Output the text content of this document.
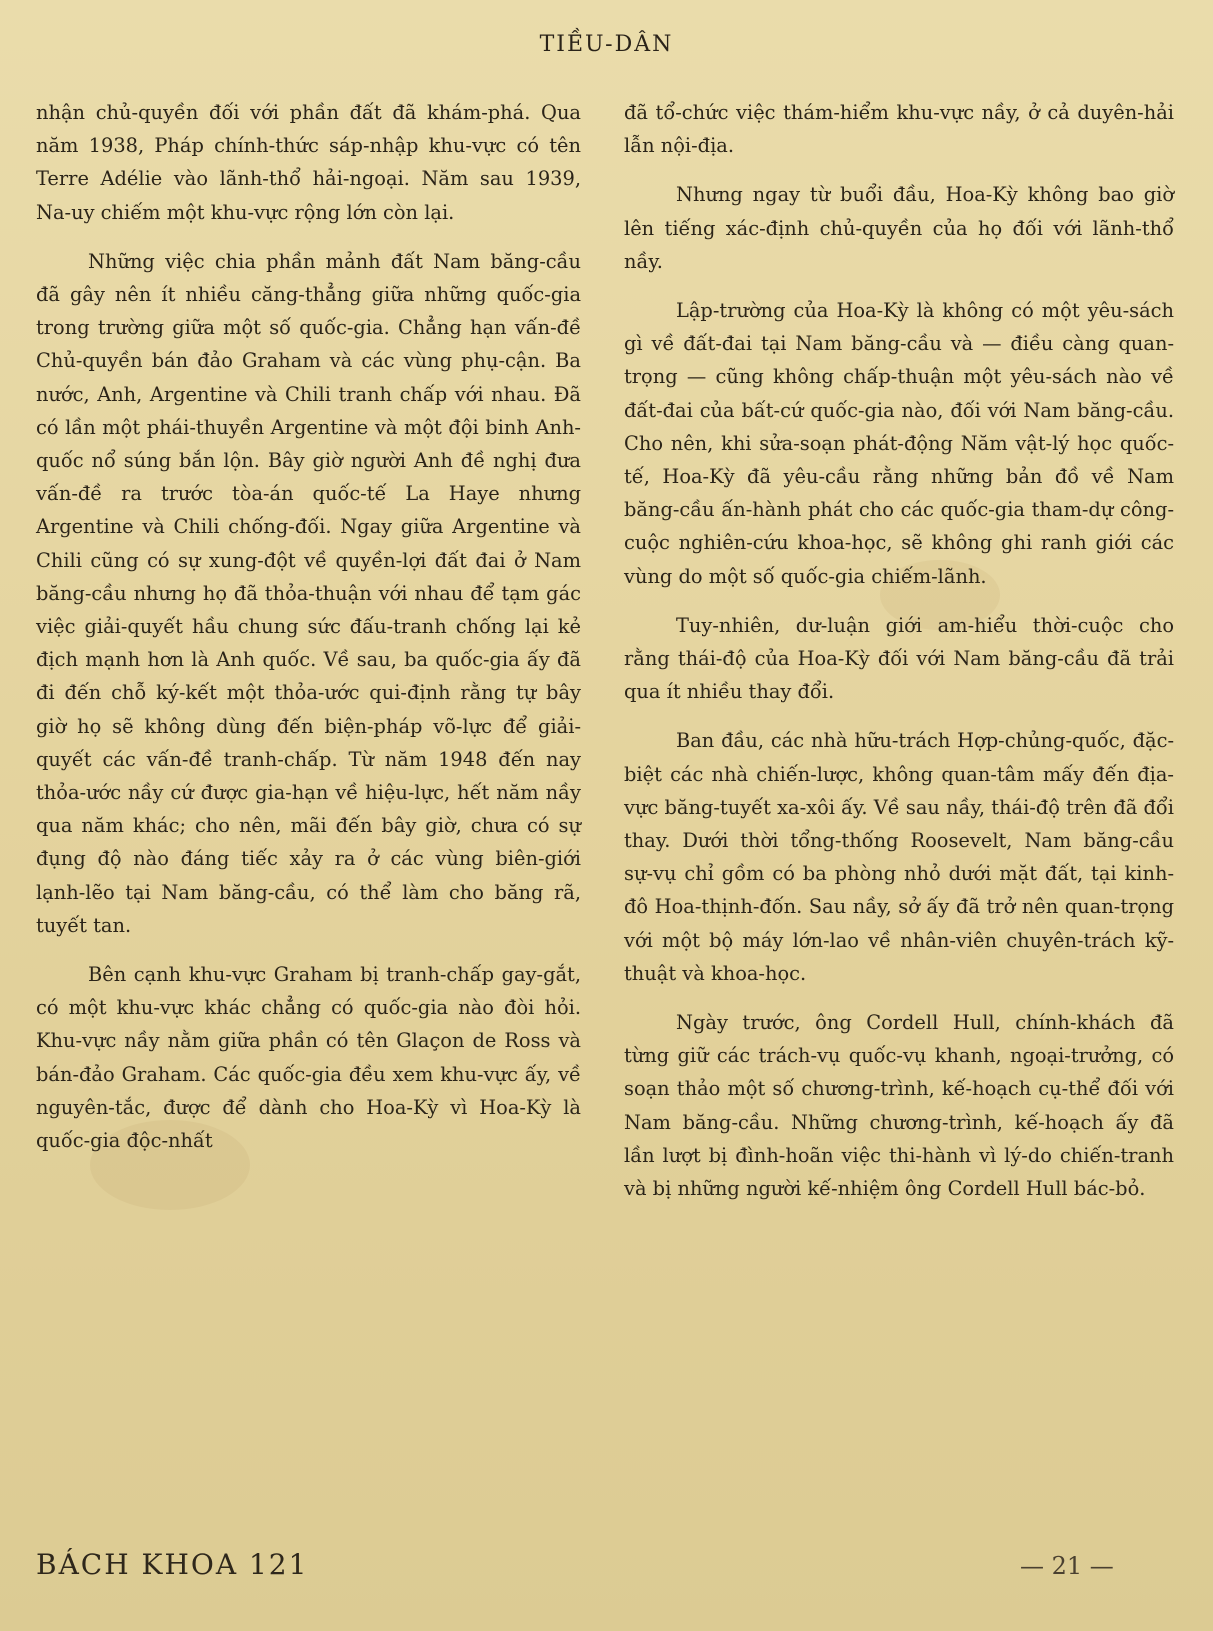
TIỀU-DÂN

nhận chủ-quyền đối với phần đất đã khám-phá. Qua năm 1938, Pháp chính-thức sáp-nhập khu-vực có tên Terre Adélie vào lãnh-thổ hải-ngoại. Năm sau 1939, Na-uy chiếm một khu-vực rộng lớn còn lại.

Những việc chia phần mảnh đất Nam băng-cầu đã gây nên ít nhiều căng-thẳng giữa những quốc-gia trong trường giữa một số quốc-gia. Chẳng hạn vấn-đề Chủ-quyền bán đảo Graham và các vùng phụ-cận. Ba nước, Anh, Argentine và Chili tranh chấp với nhau. Đã có lần một phái-thuyền Argentine và một đội binh Anh-quốc nổ súng bắn lộn. Bây giờ người Anh đề nghị đưa vấn-đề ra trước tòa-án quốc-tế La Haye nhưng Argentine và Chili chống-đối. Ngay giữa Argentine và Chili cũng có sự xung-đột về quyền-lợi đất đai ở Nam băng-cầu nhưng họ đã thỏa-thuận với nhau để tạm gác việc giải-quyết hầu chung sức đấu-tranh chống lại kẻ địch mạnh hơn là Anh quốc. Về sau, ba quốc-gia ấy đã đi đến chỗ ký-kết một thỏa-ước qui-định rằng tự bây giờ họ sẽ không dùng đến biện-pháp võ-lực để giải-quyết các vấn-đề tranh-chấp. Từ năm 1948 đến nay thỏa-ước nầy cứ được gia-hạn về hiệu-lực, hết năm nầy qua năm khác; cho nên, mãi đến bây giờ, chưa có sự đụng độ nào đáng tiếc xảy ra ở các vùng biên-giới lạnh-lẽo tại Nam băng-cầu, có thể làm cho băng rã, tuyết tan.

Bên cạnh khu-vực Graham bị tranh-chấp gay-gắt, có một khu-vực khác chẳng có quốc-gia nào đòi hỏi. Khu-vực nầy nằm giữa phần có tên Glaçon de Ross và bán-đảo Graham. Các quốc-gia đều xem khu-vực ấy, về nguyên-tắc, được để dành cho Hoa-Kỳ vì Hoa-Kỳ là quốc-gia độc-nhất

đã tổ-chức việc thám-hiểm khu-vực nầy, ở cả duyên-hải lẫn nội-địa.

Nhưng ngay từ buổi đầu, Hoa-Kỳ không bao giờ lên tiếng xác-định chủ-quyền của họ đối với lãnh-thổ nầy.

Lập-trường của Hoa-Kỳ là không có một yêu-sách gì về đất-đai tại Nam băng-cầu và — điều càng quan-trọng — cũng không chấp-thuận một yêu-sách nào về đất-đai của bất-cứ quốc-gia nào, đối với Nam băng-cầu. Cho nên, khi sửa-soạn phát-động Năm vật-lý học quốc-tế, Hoa-Kỳ đã yêu-cầu rằng những bản đồ về Nam băng-cầu ấn-hành phát cho các quốc-gia tham-dự công-cuộc nghiên-cứu khoa-học, sẽ không ghi ranh giới các vùng do một số quốc-gia chiếm-lãnh.

Tuy-nhiên, dư-luận giới am-hiểu thời-cuộc cho rằng thái-độ của Hoa-Kỳ đối với Nam băng-cầu đã trải qua ít nhiều thay đổi.

Ban đầu, các nhà hữu-trách Hợp-chủng-quốc, đặc-biệt các nhà chiến-lược, không quan-tâm mấy đến địa-vực băng-tuyết xa-xôi ấy. Về sau nầy, thái-độ trên đã đổi thay. Dưới thời tổng-thống Roosevelt, Nam băng-cầu sự-vụ chỉ gồm có ba phòng nhỏ dưới mặt đất, tại kinh-đô Hoa-thịnh-đốn. Sau nầy, sở ấy đã trở nên quan-trọng với một bộ máy lớn-lao về nhân-viên chuyên-trách kỹ-thuật và khoa-học.

Ngày trước, ông Cordell Hull, chính-khách đã từng giữ các trách-vụ quốc-vụ khanh, ngoại-trưởng, có soạn thảo một số chương-trình, kế-hoạch cụ-thể đối với Nam băng-cầu. Những chương-trình, kế-hoạch ấy đã lần lượt bị đình-hoãn việc thi-hành vì lý-do chiến-tranh và bị những người kế-nhiệm ông Cordell Hull bác-bỏ.

BÁCH KHOA 121	— 21 —
